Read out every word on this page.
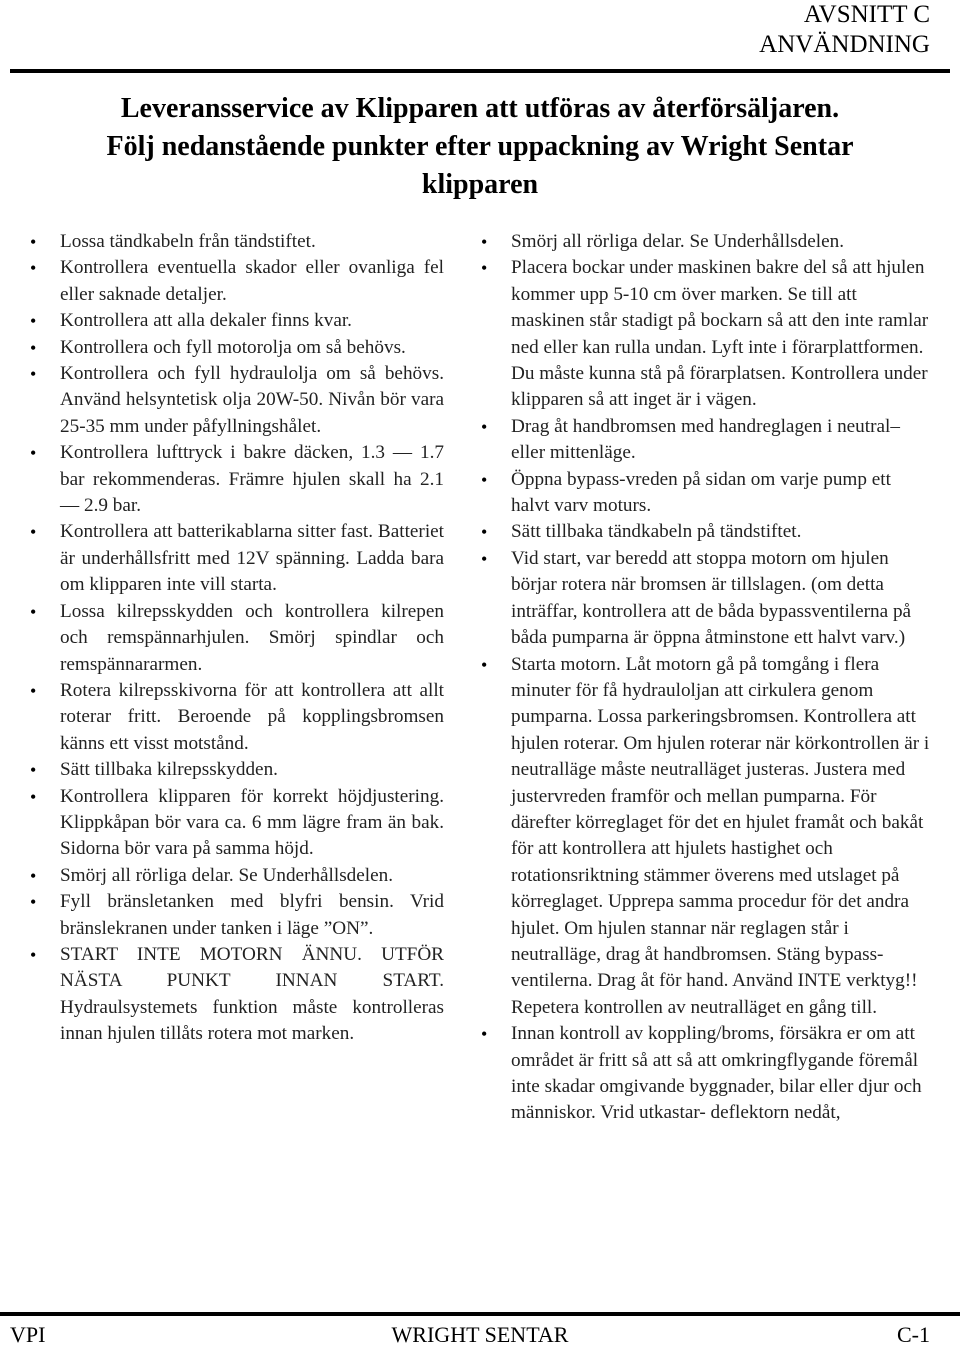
AVSNITT C
ANVÄNDNING
Leveransservice av Klipparen att utföras av återförsäljaren.
Följ nedanstående punkter efter uppackning av Wright Sentar
klipparen
• Lossa tändkabeln från tändstiftet.
• Kontrollera eventuella skador eller ovanliga fel eller saknade detaljer.
• Kontrollera att alla dekaler finns kvar.
• Kontrollera och fyll motorolja om så behövs.
• Kontrollera och fyll hydraulolja om så behövs. Använd helsyntetisk olja 20W-50. Nivån bör vara 25-35 mm under påfyllningshålet.
• Kontrollera lufttryck i bakre däcken, 1.3 — 1.7 bar rekommenderas. Främre hjulen skall ha 2.1 — 2.9 bar.
• Kontrollera att batterikablarna sitter fast. Batteriet är underhållsfritt med 12V spänning. Ladda bara om klipparen inte vill starta.
• Lossa kilrepsskydden och kontrollera kilrepen och remspännarhjulen. Smörj spindlar och remspännararmen.
• Rotera kilrepsskivorna för att kontrollera att allt roterar fritt. Beroende på kopplingsbromsen känns ett visst motstånd.
• Sätt tillbaka kilrepsskydden.
• Kontrollera klipparen för korrekt höjdjustering. Klippkåpan bör vara ca. 6 mm lägre fram än bak. Sidorna bör vara på samma höjd.
• Smörj all rörliga delar. Se Underhållsdelen.
• Fyll bränsletanken med blyfri bensin. Vrid bränslekranen under tanken i läge ”ON”.
• START INTE MOTORN ÄNNU. UTFÖR NÄSTA PUNKT INNAN START. Hydraulsystemets funktion måste kontrolleras innan hjulen tillåts rotera mot marken.
• Smörj all rörliga delar. Se Underhållsdelen.
• Placera bockar under maskinen bakre del så att hjulen kommer upp 5-10 cm över marken. Se till att maskinen står stadigt på bockarn så att den inte ramlar ned eller kan rulla undan. Lyft inte i förarplattformen. Du måste kunna stå på förarplatsen. Kontrollera under klipparen så att inget är i vägen.
• Drag åt handbromsen med handreglagen i neutral– eller mittenläge.
• Öppna bypass-vreden på sidan om varje pump ett halvt varv moturs.
• Sätt tillbaka tändkabeln på tändstiftet.
• Vid start, var beredd att stoppa motorn om hjulen börjar rotera när bromsen är tillslagen. (om detta inträffar, kontrollera att de båda bypassventilerna på båda pumparna är öppna åtminstone ett halvt varv.)
• Starta motorn. Låt motorn gå på tomgång i flera minuter för få hydrauloljan att cirkulera genom pumparna. Lossa parkeringsbromsen. Kontrollera att hjulen roterar. Om hjulen roterar när körkontrollen är i neutralläge måste neutralläget justeras. Justera med justervreden framför och mellan pumparna. För därefter körreglaget för det en hjulet framåt och bakåt för att kontrollera att hjulets hastighet och rotationsriktning stämmer överens med utslaget på körreglaget. Upprepa samma procedur för det andra hjulet. Om hjulen stannar när reglagen står i neutralläge, drag åt handbromsen. Stäng bypass-ventilerna. Drag åt för hand. Använd INTE verktyg!! Repetera kontrollen av neutralläget en gång till.
• Innan kontroll av koppling/broms, försäkra er om att området är fritt så att så att omkringflygande föremål inte skadar omgivande byggnader, bilar eller djur och människor. Vrid utkastar- deflektorn nedåt,
VPI	WRIGHT SENTAR	C-1
